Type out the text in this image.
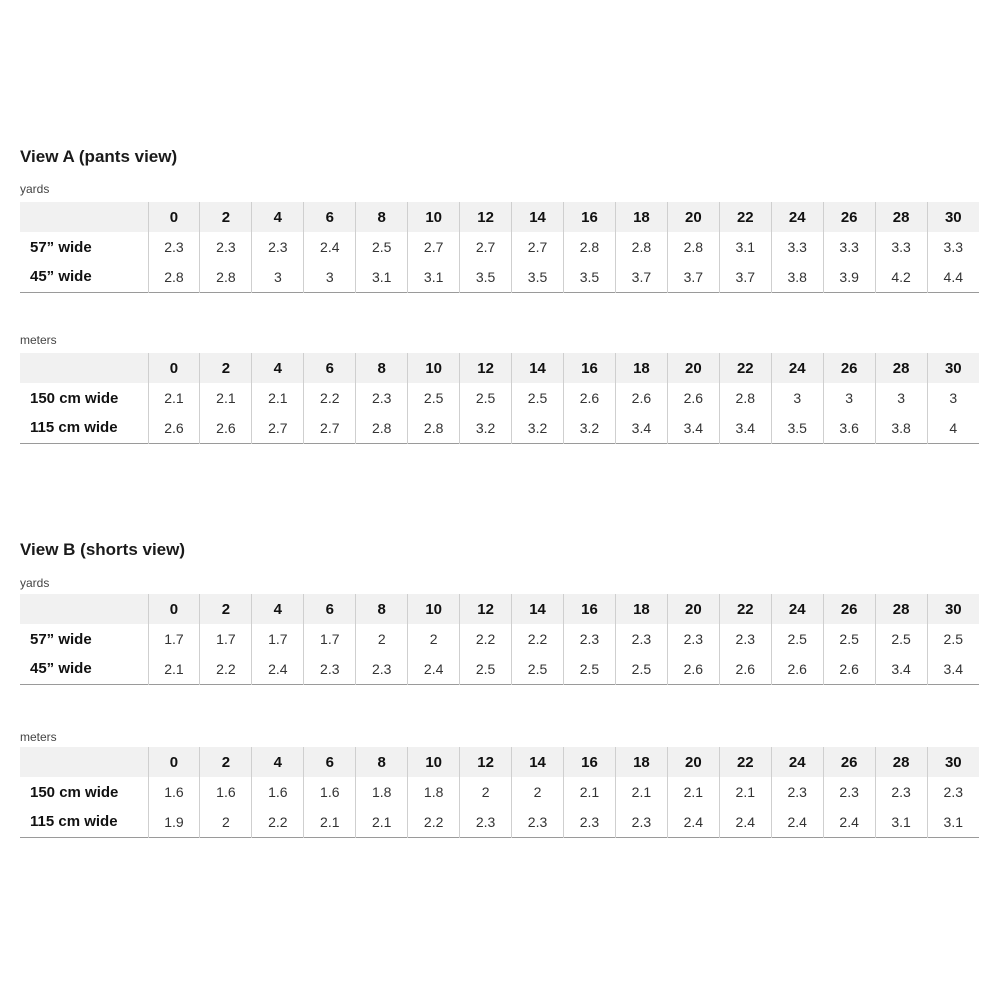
View A (pants view)

yards

	0	2	4	6	8	10	12	14	16	18	20	22	24	26	28	30
57” wide	2.3	2.3	2.3	2.4	2.5	2.7	2.7	2.7	2.8	2.8	2.8	3.1	3.3	3.3	3.3	3.3
45” wide	2.8	2.8	3	3	3.1	3.1	3.5	3.5	3.5	3.7	3.7	3.7	3.8	3.9	4.2	4.4

meters

	0	2	4	6	8	10	12	14	16	18	20	22	24	26	28	30
150 cm wide	2.1	2.1	2.1	2.2	2.3	2.5	2.5	2.5	2.6	2.6	2.6	2.8	3	3	3	3
115 cm wide	2.6	2.6	2.7	2.7	2.8	2.8	3.2	3.2	3.2	3.4	3.4	3.4	3.5	3.6	3.8	4
View B (shorts view)

yards

	0	2	4	6	8	10	12	14	16	18	20	22	24	26	28	30
57” wide	1.7	1.7	1.7	1.7	2	2	2.2	2.2	2.3	2.3	2.3	2.3	2.5	2.5	2.5	2.5
45” wide	2.1	2.2	2.4	2.3	2.3	2.4	2.5	2.5	2.5	2.5	2.6	2.6	2.6	2.6	3.4	3.4

meters

	0	2	4	6	8	10	12	14	16	18	20	22	24	26	28	30
150 cm wide	1.6	1.6	1.6	1.6	1.8	1.8	2	2	2.1	2.1	2.1	2.1	2.3	2.3	2.3	2.3
115 cm wide	1.9	2	2.2	2.1	2.1	2.2	2.3	2.3	2.3	2.3	2.4	2.4	2.4	2.4	3.1	3.1
